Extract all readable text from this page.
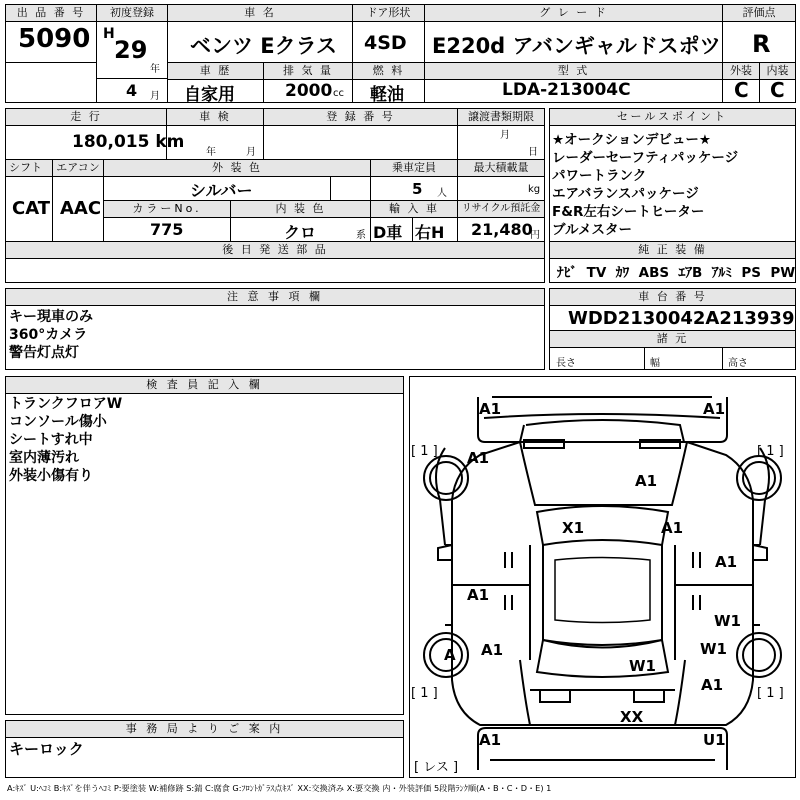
出 品 番 号
5090
初度登録
H
29
年
4 月
車 名
ベンツ Eクラス
ドア形状
4SD
グ レ ー ド
E220d アバンギャルドスポツ
評価点
R
車 歴
自家用
排 気 量
2000 cc
燃 料
軽油
型 式
LDA-213004C
外装	内装
C C
走 行
180,015 km
車 検
年	月
登 録 番 号	譲渡書類期限
月
日
シフト
CAT
エアコン
AAC
外 装 色
シルバー
乗車定員
5 人
最大積載量
kg
カラーNo.
775
内 装 色
クロ	系
輸 入 車
D車 右H
リサイクル預託金
21,480
円
後 日 発 送 部 品
セールスポイント
★オークションデビュー★
レーダーセーフティパッケージ
パワートランク
エアバランスパッケージ
F&R左右シートヒーター
ブルメスター
純 正 装 備
ﾅﾋﾞ TV ｶﾜ ABS ｴｱB ｱﾙﾐ PS PW
注 意 事 項 欄
キー現車のみ
360°カメラ
警告灯点灯
車 台 番 号
WDD2130042A213939
諸 元
長さ	幅	高さ
検 査 員 記 入 欄
トランクフロアW
コンソール傷小
シートすれ中
室内薄汚れ
外装小傷有り
事 務 局 よ り ご 案 内
キーロック
[ 1 ]	[ 1 ]
[ 1 ]	[ 1 ]
[ レス ]
A1	A1
A1
A1
X1	A1
A1
A1
W1
A A1	W1
W1
A1
XX
A1	U1
A:ｷｽﾞ U:ﾍｺﾐ B:ｷｽﾞを伴うﾍｺﾐ P:要塗装 W:補修跡 S:錆 C:腐食 G:ﾌﾛﾝﾄｶﾞﾗｽ点ｷｽﾞ XX:交換済み X:要交換 内・外装評価 5段階ﾗﾝｸ順(A・B・C・D・E) 1
